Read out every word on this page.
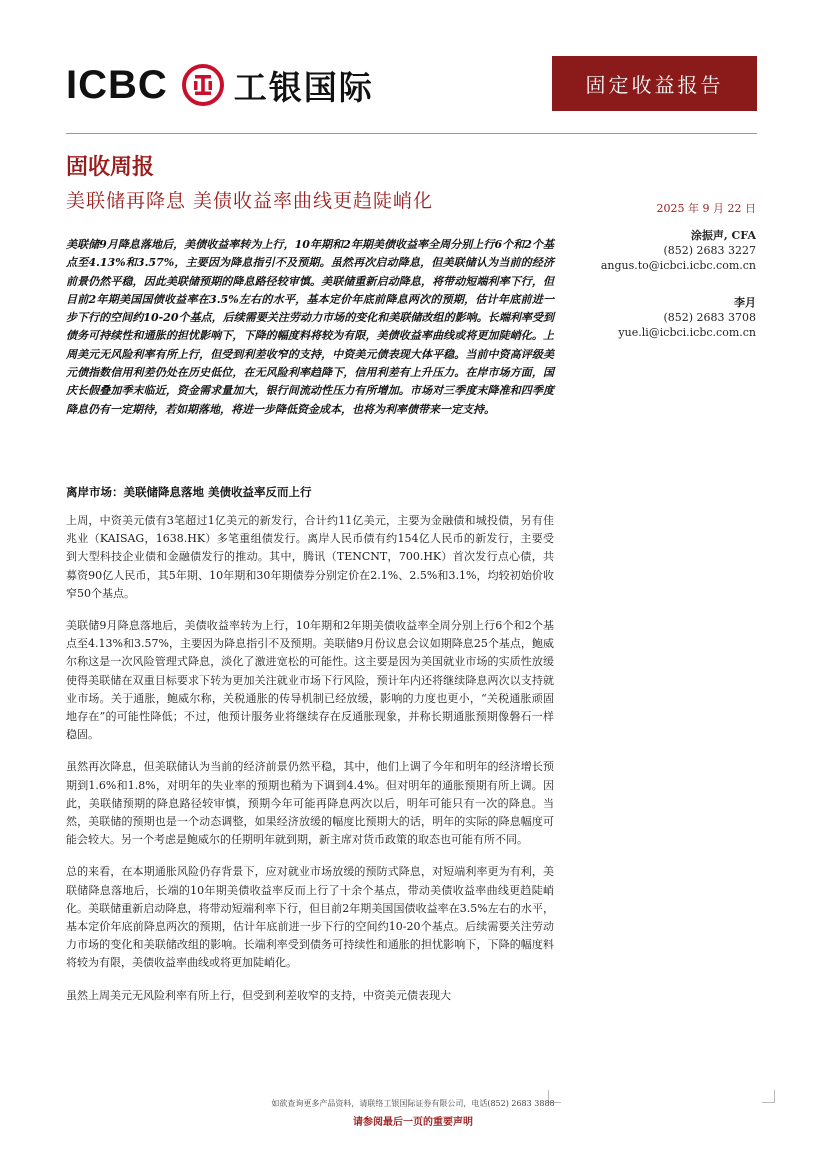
ICBC 工银国际	固定收益报告
固收周报
美联储再降息 美债收益率曲线更趋陡峭化	2025 年 9 月 22 日
美联储9月降息落地后，美债收益率转为上行，10年期和2年期美债收益率全周分别上行6个和2个基点至4.13%和3.57%，主要因为降息指引不及预期。虽然再次启动降息，但美联储认为当前的经济前景仍然平稳，因此美联储预期的降息路径较审慎。美联储重新启动降息，将带动短端利率下行，但目前2年期美国国债收益率在3.5%左右的水平，基本定价年底前降息两次的预期，估计年底前进一步下行的空间约10-20个基点，后续需要关注劳动力市场的变化和美联储改组的影响。长端利率受到债务可持续性和通胀的担忧影响下，下降的幅度料将较为有限，美债收益率曲线或将更加陡峭化。上周美元无风险利率有所上行，但受到利差收窄的支持，中资美元债表现大体平稳。当前中资高评级美元债指数信用利差仍处在历史低位，在无风险利率趋降下，信用利差有上升压力。在岸市场方面，国庆长假叠加季末临近，资金需求量加大，银行间流动性压力有所增加。市场对三季度末降准和四季度降息仍有一定期待，若如期落地，将进一步降低资金成本，也将为利率债带来一定支持。
涂振声, CFA
(852) 2683 3227
angus.to@icbci.icbc.com.cn
李月
(852) 2683 3708
yue.li@icbci.icbc.com.cn
离岸市场：美联储降息落地 美债收益率反而上行

上周，中资美元债有3笔超过1亿美元的新发行，合计约11亿美元，主要为金融债和城投债，另有佳兆业（KAISAG，1638.HK）多笔重组债发行。离岸人民币债有约154亿人民币的新发行，主要受到大型科技企业债和金融债发行的推动。其中，腾讯（TENCNT，700.HK）首次发行点心债，共募资90亿人民币，其5年期、10年期和30年期债券分别定价在2.1%、2.5%和3.1%，均较初始价收窄50个基点。

美联储9月降息落地后，美债收益率转为上行，10年期和2年期美债收益率全周分别上行6个和2个基点至4.13%和3.57%，主要因为降息指引不及预期。美联储9月份议息会议如期降息25个基点，鲍威尔称这是一次风险管理式降息，淡化了激进宽松的可能性。这主要是因为美国就业市场的实质性放缓使得美联储在双重目标要求下转为更加关注就业市场下行风险，预计年内还将继续降息两次以支持就业市场。关于通胀，鲍威尔称，关税通胀的传导机制已经放缓，影响的力度也更小，“关税通胀顽固地存在”的可能性降低；不过，他预计服务业将继续存在反通胀现象，并称长期通胀预期像磐石一样稳固。

虽然再次降息，但美联储认为当前的经济前景仍然平稳，其中，他们上调了今年和明年的经济增长预期到1.6%和1.8%，对明年的失业率的预期也稍为下调到4.4%。但对明年的通胀预期有所上调。因此，美联储预期的降息路径较审慎，预期今年可能再降息两次以后，明年可能只有一次的降息。当然，美联储的预期也是一个动态调整，如果经济放缓的幅度比预期大的话，明年的实际的降息幅度可能会较大。另一个考虑是鲍威尔的任期明年就到期，新主席对货币政策的取态也可能有所不同。

总的来看，在本期通胀风险仍存背景下，应对就业市场放缓的预防式降息，对短端利率更为有利，美联储降息落地后，长端的10年期美债收益率反而上行了十余个基点，带动美债收益率曲线更趋陡峭化。美联储重新启动降息，将带动短端利率下行，但目前2年期美国国债收益率在3.5%左右的水平，基本定价年底前降息两次的预期，估计年底前进一步下行的空间约10-20个基点。后续需要关注劳动力市场的变化和美联储改组的影响。长端利率受到债务可持续性和通胀的担忧影响下，下降的幅度料将较为有限，美债收益率曲线或将更加陡峭化。

虽然上周美元无风险利率有所上行，但受到利差收窄的支持，中资美元债表现大

如欲查询更多产品资料，请联络工银国际证券有限公司，电话(852) 2683 3888
请参阅最后一页的重要声明
